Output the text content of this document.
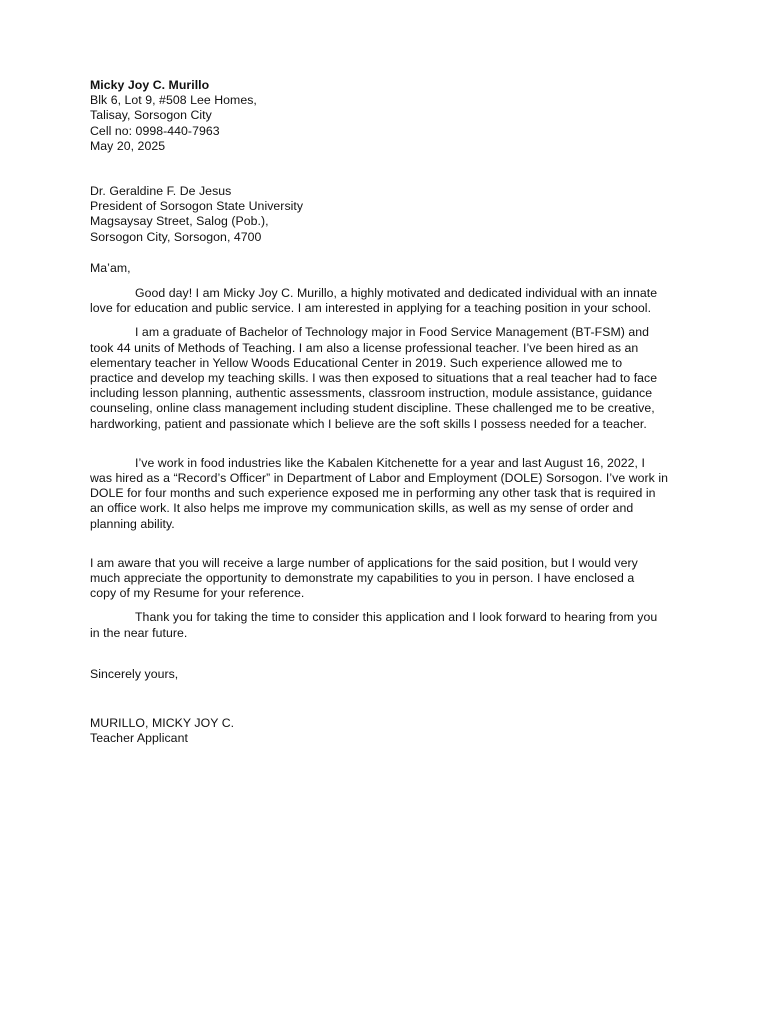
Micky Joy C. Murillo
Blk 6, Lot 9, #508 Lee Homes,
Talisay, Sorsogon City
Cell no: 0998-440-7963
May 20, 2025
Dr. Geraldine F. De Jesus
President of Sorsogon State University
Magsaysay Street, Salog (Pob.),
Sorsogon City, Sorsogon, 4700
Ma’am,
Good day! I am Micky Joy C. Murillo, a highly motivated and dedicated individual with an innate
love for education and public service. I am interested in applying for a teaching position in your school.
I am a graduate of Bachelor of Technology major in Food Service Management (BT-FSM) and
took 44 units of Methods of Teaching. I am also a license professional teacher. I’ve been hired as an
elementary teacher in Yellow Woods Educational Center in 2019. Such experience allowed me to
practice and develop my teaching skills. I was then exposed to situations that a real teacher had to face
including lesson planning, authentic assessments, classroom instruction, module assistance, guidance
counseling, online class management including student discipline. These challenged me to be creative,
hardworking, patient and passionate which I believe are the soft skills I possess needed for a teacher.
I’ve work in food industries like the Kabalen Kitchenette for a year and last August 16, 2022, I
was hired as a “Record’s Officer” in Department of Labor and Employment (DOLE) Sorsogon. I’ve work in
DOLE for four months and such experience exposed me in performing any other task that is required in
an office work. It also helps me improve my communication skills, as well as my sense of order and
planning ability.
I am aware that you will receive a large number of applications for the said position, but I would very
much appreciate the opportunity to demonstrate my capabilities to you in person. I have enclosed a
copy of my Resume for your reference.
Thank you for taking the time to consider this application and I look forward to hearing from you
in the near future.
Sincerely yours,
MURILLO, MICKY JOY C.
Teacher Applicant
